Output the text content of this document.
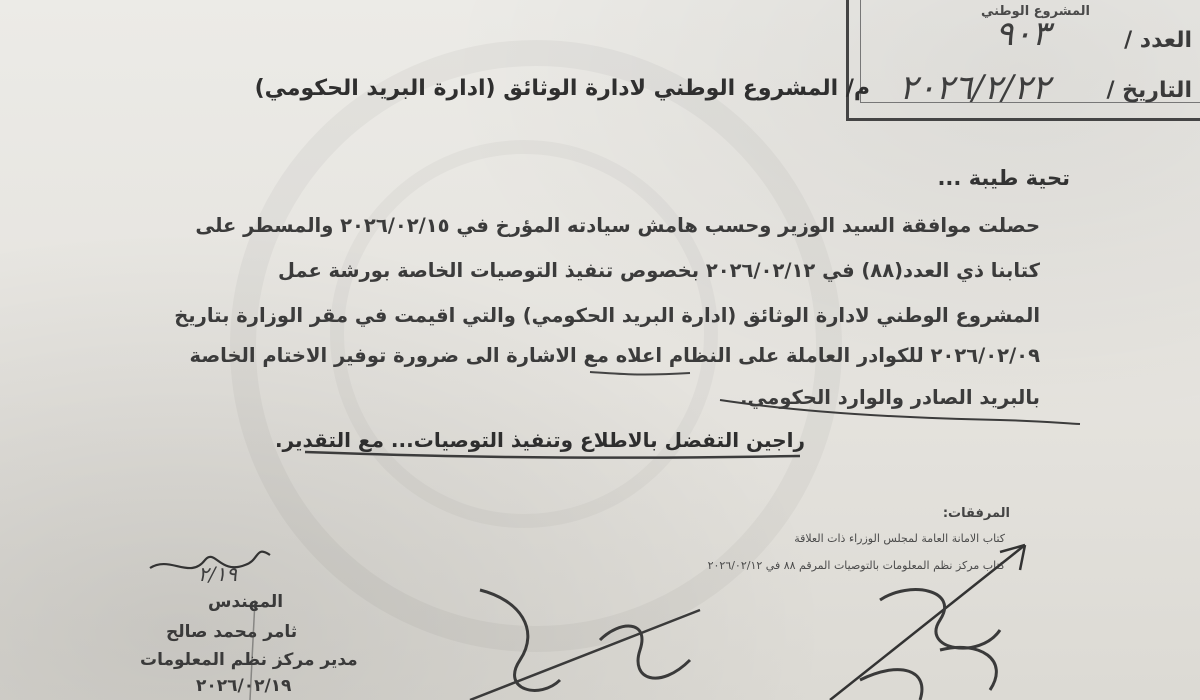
المشروع الوطني
العدد /
٩٠٣
التاريخ /
٢٠٢٦/٢/٢٢
م/ المشروع الوطني لادارة الوثائق (ادارة البريد الحكومي)
تحية طيبة ...
حصلت موافقة السيد الوزير وحسب هامش سيادته المؤرخ في ٢٠٢٦/٠٢/١٥ والمسطر على
كتابنا ذي العدد(٨٨) في ٢٠٢٦/٠٢/١٢ بخصوص تنفيذ التوصيات الخاصة بورشة عمل
المشروع الوطني لادارة الوثائق (ادارة البريد الحكومي) والتي اقيمت في مقر الوزارة بتاريخ
٢٠٢٦/٠٢/٠٩ للكوادر العاملة على النظام اعلاه مع الاشارة الى ضرورة توفير الاختام الخاصة
بالبريد الصادر والوارد الحكومي.
راجين التفضل بالاطلاع وتنفيذ التوصيات... مع التقدير.
المرفقات:
كتاب الامانة العامة لمجلس الوزراء ذات العلاقة
كتاب مركز نظم المعلومات بالتوصيات المرقم ٨٨ في ٢٠٢٦/٠٢/١٢
٢/١٩
المهندس
ثامر محمد صالح
مدير مركز نظم المعلومات
٢٠٢٦/٠٢/١٩
